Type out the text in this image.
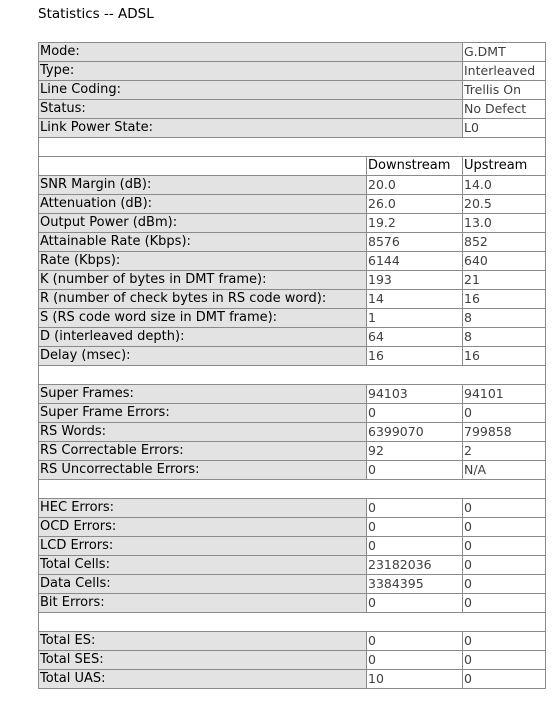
Statistics -- ADSL
Mode:		G.DMT
Type:		Interleaved
Line Coding:		Trellis On
Status:		No Defect
Link Power State:		L0

	Downstream	Upstream
SNR Margin (dB):	20.0	14.0
Attenuation (dB):	26.0	20.5
Output Power (dBm):	19.2	13.0
Attainable Rate (Kbps):	8576	852
Rate (Kbps):	6144	640
K (number of bytes in DMT frame):	193	21
R (number of check bytes in RS code word):	14	16
S (RS code word size in DMT frame):	1	8
D (interleaved depth):	64	8
Delay (msec):	16	16

Super Frames:	94103	94101
Super Frame Errors:	0	0
RS Words:	6399070	799858
RS Correctable Errors:	92	2
RS Uncorrectable Errors:	0	N/A

HEC Errors:	0	0
OCD Errors:	0	0
LCD Errors:	0	0
Total Cells:	23182036	0
Data Cells:	3384395	0
Bit Errors:	0	0

Total ES:	0	0
Total SES:	0	0
Total UAS:	10	0
